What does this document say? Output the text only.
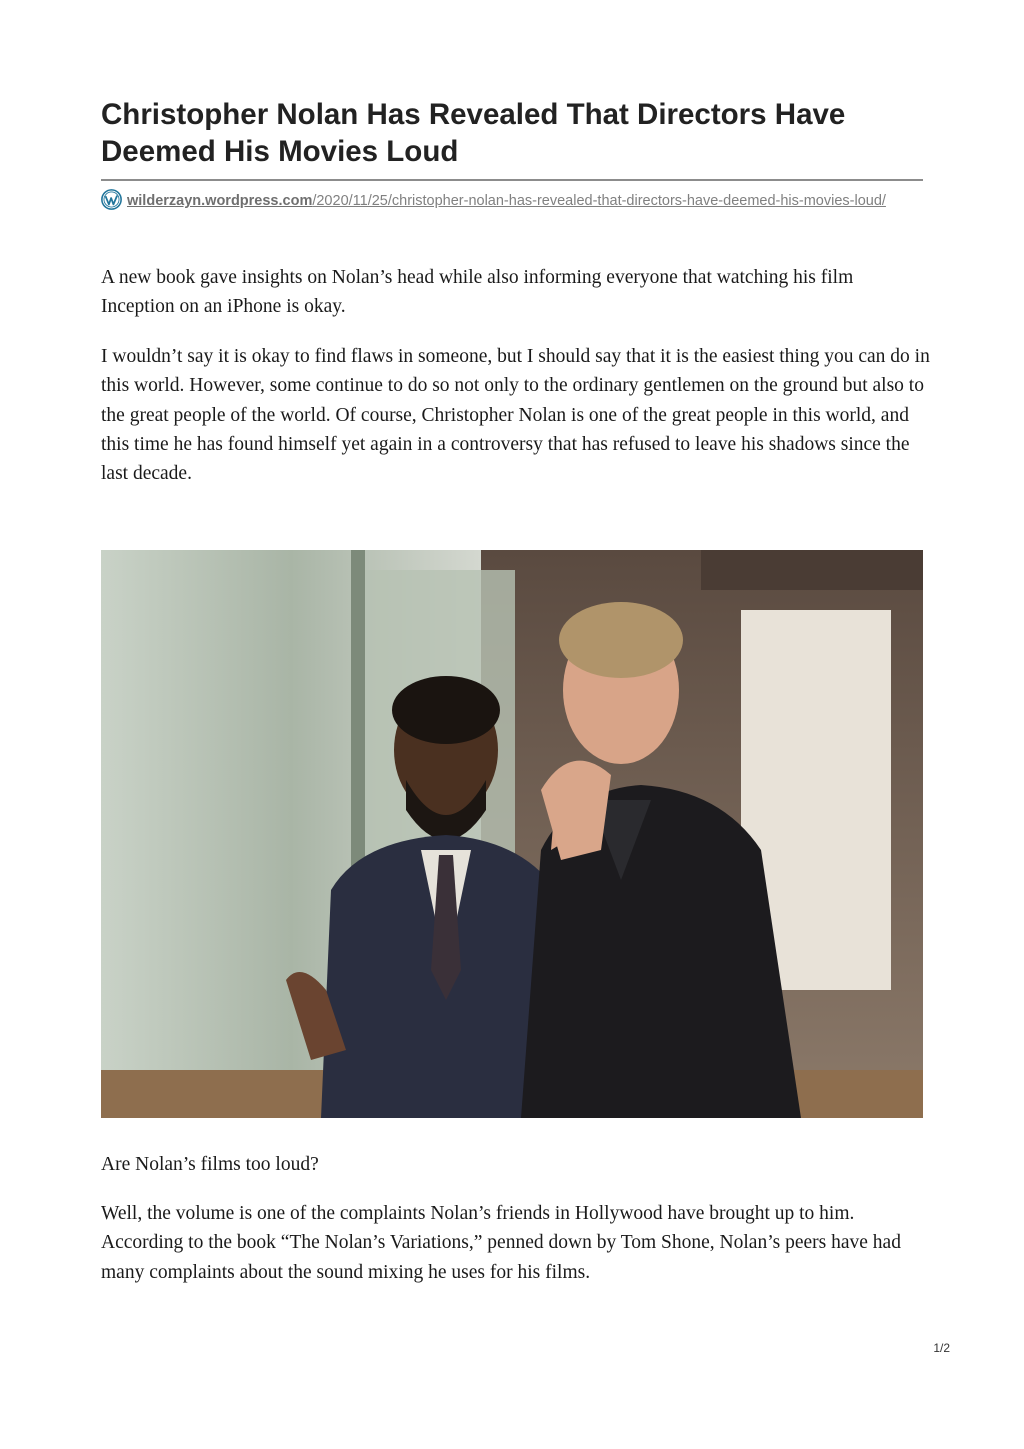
Christopher Nolan Has Revealed That Directors Have Deemed His Movies Loud
wilderzayn.wordpress.com/2020/11/25/christopher-nolan-has-revealed-that-directors-have-deemed-his-movies-loud/

A new book gave insights on Nolan’s head while also informing everyone that watching his film Inception on an iPhone is okay.

I wouldn’t say it is okay to find flaws in someone, but I should say that it is the easiest thing you can do in this world. However, some continue to do so not only to the ordinary gentlemen on the ground but also to the great people of the world. Of course, Christopher Nolan is one of the great people in this world, and this time he has found himself yet again in a controversy that has refused to leave his shadows since the last decade.

Are Nolan’s films too loud?

Well, the volume is one of the complaints Nolan’s friends in Hollywood have brought up to him. According to the book “The Nolan’s Variations,” penned down by Tom Shone, Nolan’s peers have had many complaints about the sound mixing he uses for his films.

1/2
